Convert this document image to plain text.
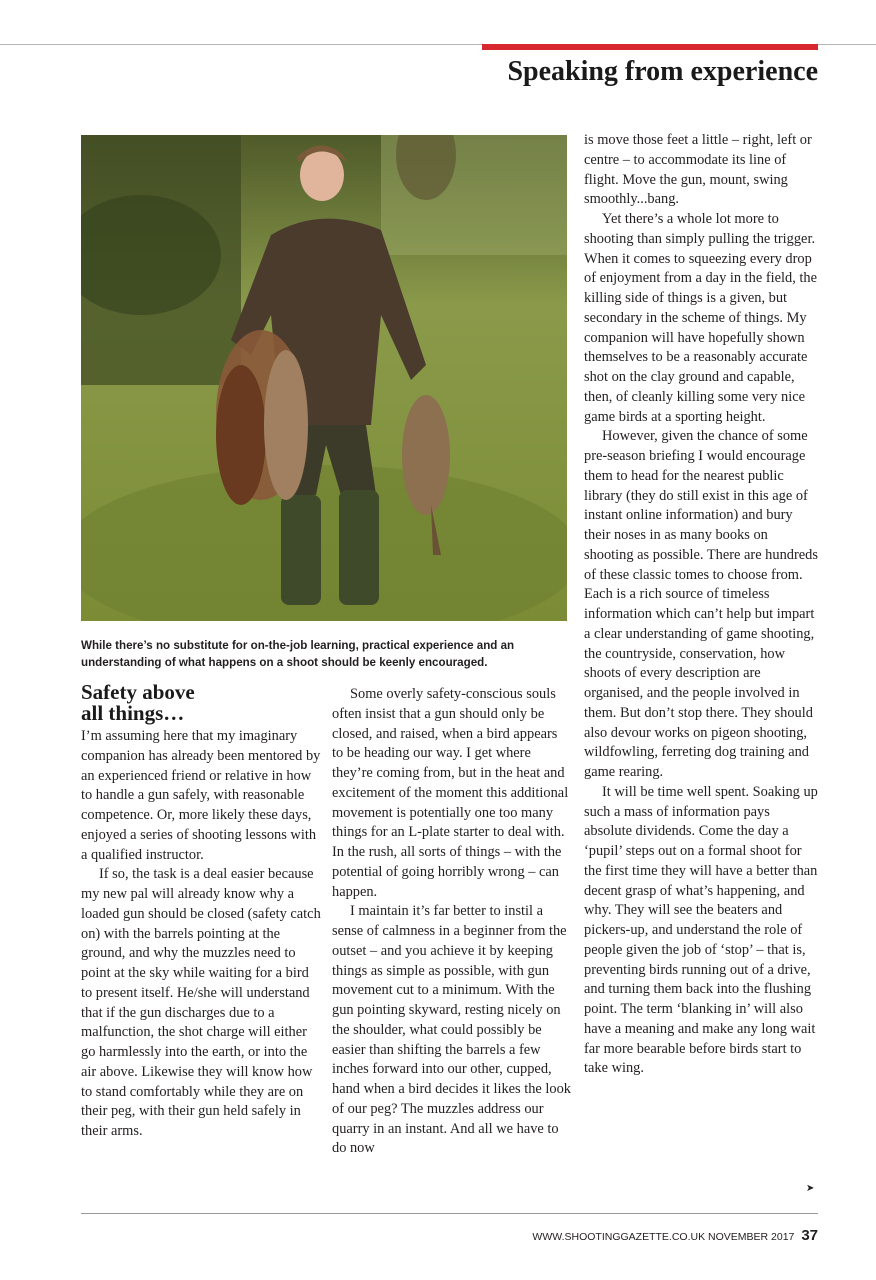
Speaking from experience

While there’s no substitute for on-the-job learning, practical experience and an understanding of what happens on a shoot should be keenly encouraged.

Safety above
all things…

I’m assuming here that my imaginary companion has already been mentored by an experienced friend or relative in how to handle a gun safely, with reasonable competence. Or, more likely these days, enjoyed a series of shooting lessons with a qualified instructor.

If so, the task is a deal easier because my new pal will already know why a loaded gun should be closed (safety catch on) with the barrels pointing at the ground, and why the muzzles need to point at the sky while waiting for a bird to present itself. He/she will understand that if the gun discharges due to a malfunction, the shot charge will either go harmlessly into the earth, or into the air above. Likewise they will know how to stand comfortably while they are on their peg, with their gun held safely in their arms.

Some overly safety-conscious souls often insist that a gun should only be closed, and raised, when a bird appears to be heading our way. I get where they’re coming from, but in the heat and excitement of the moment this additional movement is potentially one too many things for an L-plate starter to deal with. In the rush, all sorts of things – with the potential of going horribly wrong – can happen.

I maintain it’s far better to instil a sense of calmness in a beginner from the outset – and you achieve it by keeping things as simple as possible, with gun movement cut to a minimum. With the gun pointing skyward, resting nicely on the shoulder, what could possibly be easier than shifting the barrels a few inches forward into our other, cupped, hand when a bird decides it likes the look of our peg? The muzzles address our quarry in an instant. And all we have to do now

is move those feet a little – right, left or centre – to accommodate its line of flight. Move the gun, mount, swing smoothly...bang.

Yet there’s a whole lot more to shooting than simply pulling the trigger. When it comes to squeezing every drop of enjoyment from a day in the field, the killing side of things is a given, but secondary in the scheme of things. My companion will have hopefully shown themselves to be a reasonably accurate shot on the clay ground and capable, then, of cleanly killing some very nice game birds at a sporting height.

However, given the chance of some pre-season briefing I would encourage them to head for the nearest public library (they do still exist in this age of instant online information) and bury their noses in as many books on shooting as possible. There are hundreds of these classic tomes to choose from. Each is a rich source of timeless information which can’t help but impart a clear understanding of game shooting, the countryside, conservation, how shoots of every description are organised, and the people involved in them. But don’t stop there. They should also devour works on pigeon shooting, wildfowling, ferreting dog training and game rearing.

It will be time well spent. Soaking up such a mass of information pays absolute dividends. Come the day a ‘pupil’ steps out on a formal shoot for the first time they will have a better than decent grasp of what’s happening, and why. They will see the beaters and pickers-up, and understand the role of people given the job of ‘stop’ – that is, preventing birds running out of a drive, and turning them back into the flushing point. The term ‘blanking in’ will also have a meaning and make any long wait far more bearable before birds start to take wing.

➤
WWW.SHOOTINGGAZETTE.CO.UK NOVEMBER 2017 37
